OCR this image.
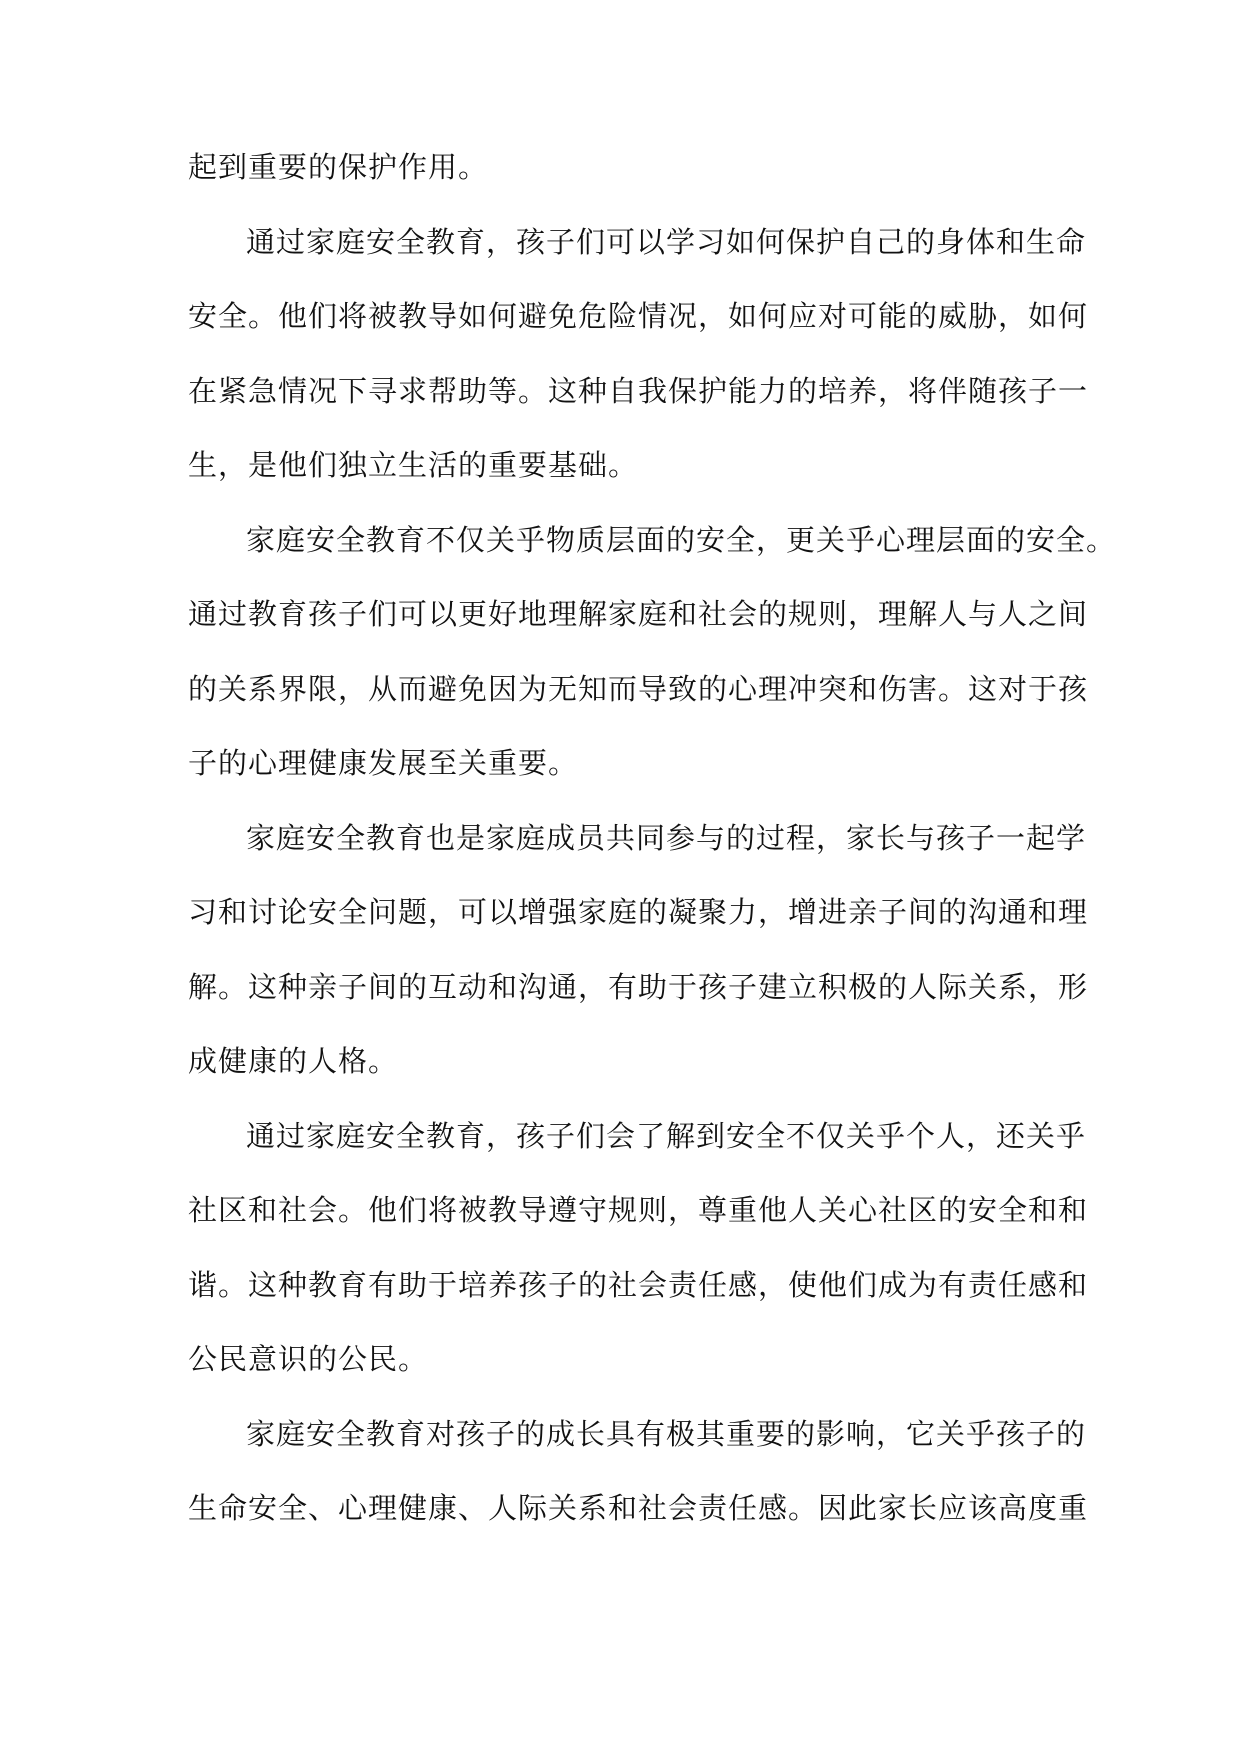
起到重要的保护作用。
通过家庭安全教育，孩子们可以学习如何保护自己的身体和生命
安全。他们将被教导如何避免危险情况，如何应对可能的威胁，如何
在紧急情况下寻求帮助等。这种自我保护能力的培养，将伴随孩子一
生，是他们独立生活的重要基础。
家庭安全教育不仅关乎物质层面的安全，更关乎心理层面的安全。
通过教育孩子们可以更好地理解家庭和社会的规则，理解人与人之间
的关系界限，从而避免因为无知而导致的心理冲突和伤害。这对于孩
子的心理健康发展至关重要。
家庭安全教育也是家庭成员共同参与的过程，家长与孩子一起学
习和讨论安全问题，可以增强家庭的凝聚力，增进亲子间的沟通和理
解。这种亲子间的互动和沟通，有助于孩子建立积极的人际关系，形
成健康的人格。
通过家庭安全教育，孩子们会了解到安全不仅关乎个人，还关乎
社区和社会。他们将被教导遵守规则，尊重他人关心社区的安全和和
谐。这种教育有助于培养孩子的社会责任感，使他们成为有责任感和
公民意识的公民。
家庭安全教育对孩子的成长具有极其重要的影响，它关乎孩子的
生命安全、心理健康、人际关系和社会责任感。因此家长应该高度重
